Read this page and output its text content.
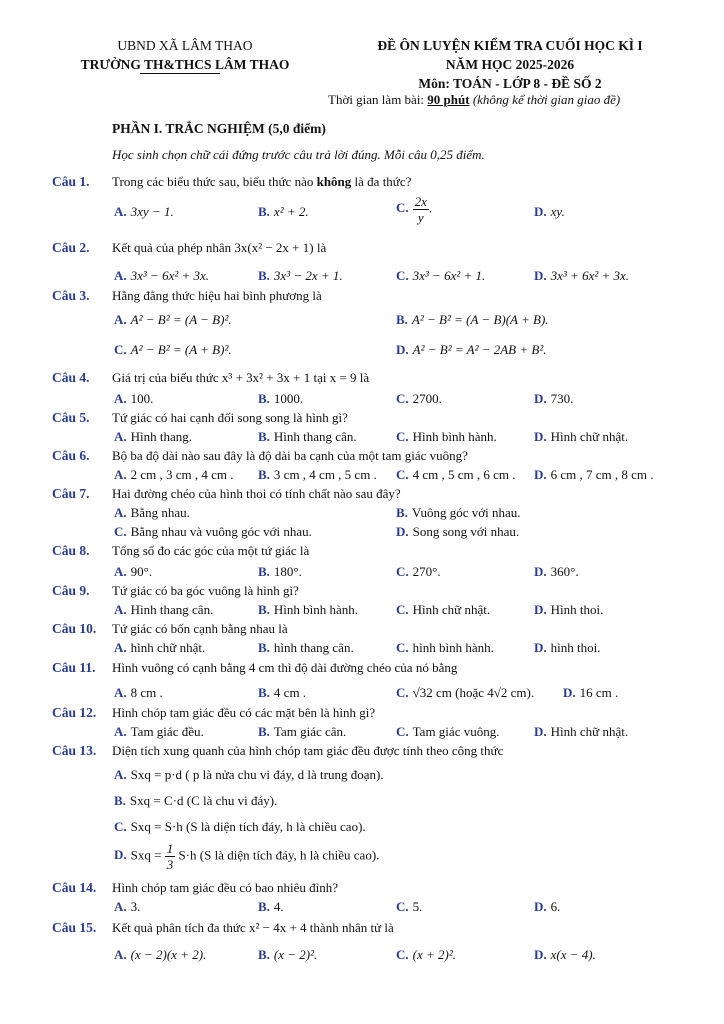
UBND XÃ LÂM THAO
TRƯỜNG TH&THCS LÂM THAO
ĐỀ ÔN LUYỆN KIỂM TRA CUỐI HỌC KÌ I
NĂM HỌC 2025-2026
Môn: TOÁN - LỚP 8 - ĐỀ SỐ 2
Thời gian làm bài: 90 phút (không kể thời gian giao đề)
PHẦN I. TRẮC NGHIỆM (5,0 điểm)
Học sinh chọn chữ cái đứng trước câu trả lời đúng. Mỗi câu 0,25 điểm.
Câu 1. Trong các biểu thức sau, biểu thức nào không là đa thức?
A. 3xy − 1.	B. x² + 2.	C. $\frac{2x}{y}$ .	D. xy.
Câu 2. Kết quả của phép nhân 3x(x² − 2x + 1) là
A. 3x³ − 6x² + 3x.	B. 3x³ − 2x + 1.	C. 3x³ − 6x² + 1.	D. 3x³ + 6x² + 3x.
Câu 3. Hằng đẳng thức hiệu hai bình phương là
A. A² − B² = (A − B)².	B. A² − B² = (A − B)(A + B).
C. A² − B² = (A + B)².	D. A² − B² = A² − 2AB + B².
Câu 4. Giá trị của biểu thức x³ + 3x² + 3x + 1 tại x = 9 là
A. 100.	B. 1000.	C. 2700.	D. 730.
Câu 5. Tứ giác có hai cạnh đối song song là hình gì?
A. Hình thang.	B. Hình thang cân.	C. Hình bình hành.	D. Hình chữ nhật.
Câu 6. Bộ ba độ dài nào sau đây là độ dài ba cạnh của một tam giác vuông?
A. 2 cm , 3 cm , 4 cm . B. 3 cm , 4 cm , 5 cm . C. 4 cm , 5 cm , 6 cm . D. 6 cm , 7 cm , 8 cm .
Câu 7. Hai đường chéo của hình thoi có tính chất nào sau đây?
A. Bằng nhau.	B. Vuông góc với nhau.
C. Bằng nhau và vuông góc với nhau.	D. Song song với nhau.
Câu 8. Tổng số đo các góc của một tứ giác là
A. 90°.	B. 180°.	C. 270°.	D. 360°.
Câu 9. Tứ giác có ba góc vuông là hình gì?
A. Hình thang cân.	B. Hình bình hành.	C. Hình chữ nhật.	D. Hình thoi.
Câu 10. Tứ giác có bốn cạnh bằng nhau là
A. hình chữ nhật.	B. hình thang cân.	C. hình bình hành.	D. hình thoi.
Câu 11. Hình vuông có cạnh bằng 4 cm thì độ dài đường chéo của nó bằng
A. 8 cm .	B. 4 cm .	C. √32 cm (hoặc 4√2 cm). D. 16 cm .
Câu 12. Hình chóp tam giác đều có các mặt bên là hình gì?
A. Tam giác đều.	B. Tam giác cân.	C. Tam giác vuông.	D. Hình chữ nhật.
Câu 13. Diện tích xung quanh của hình chóp tam giác đều được tính theo công thức
A. Sxq = p·d ( p là nửa chu vi đáy, d là trung đoạn).
B. Sxq = C·d (C là chu vi đáy).
C. Sxq = S·h (S là diện tích đáy, h là chiều cao).
D. Sxq = $\frac{1}{3} S\cdot h$ (S là diện tích đáy, h là chiều cao).
Câu 14. Hình chóp tam giác đều có bao nhiêu đỉnh?
A. 3.	B. 4.	C. 5.	D. 6.
Câu 15. Kết quả phân tích đa thức x² − 4x + 4 thành nhân tử là
A. (x − 2)(x + 2).	B. (x − 2)².	C. (x + 2)².	D. x(x − 4).
